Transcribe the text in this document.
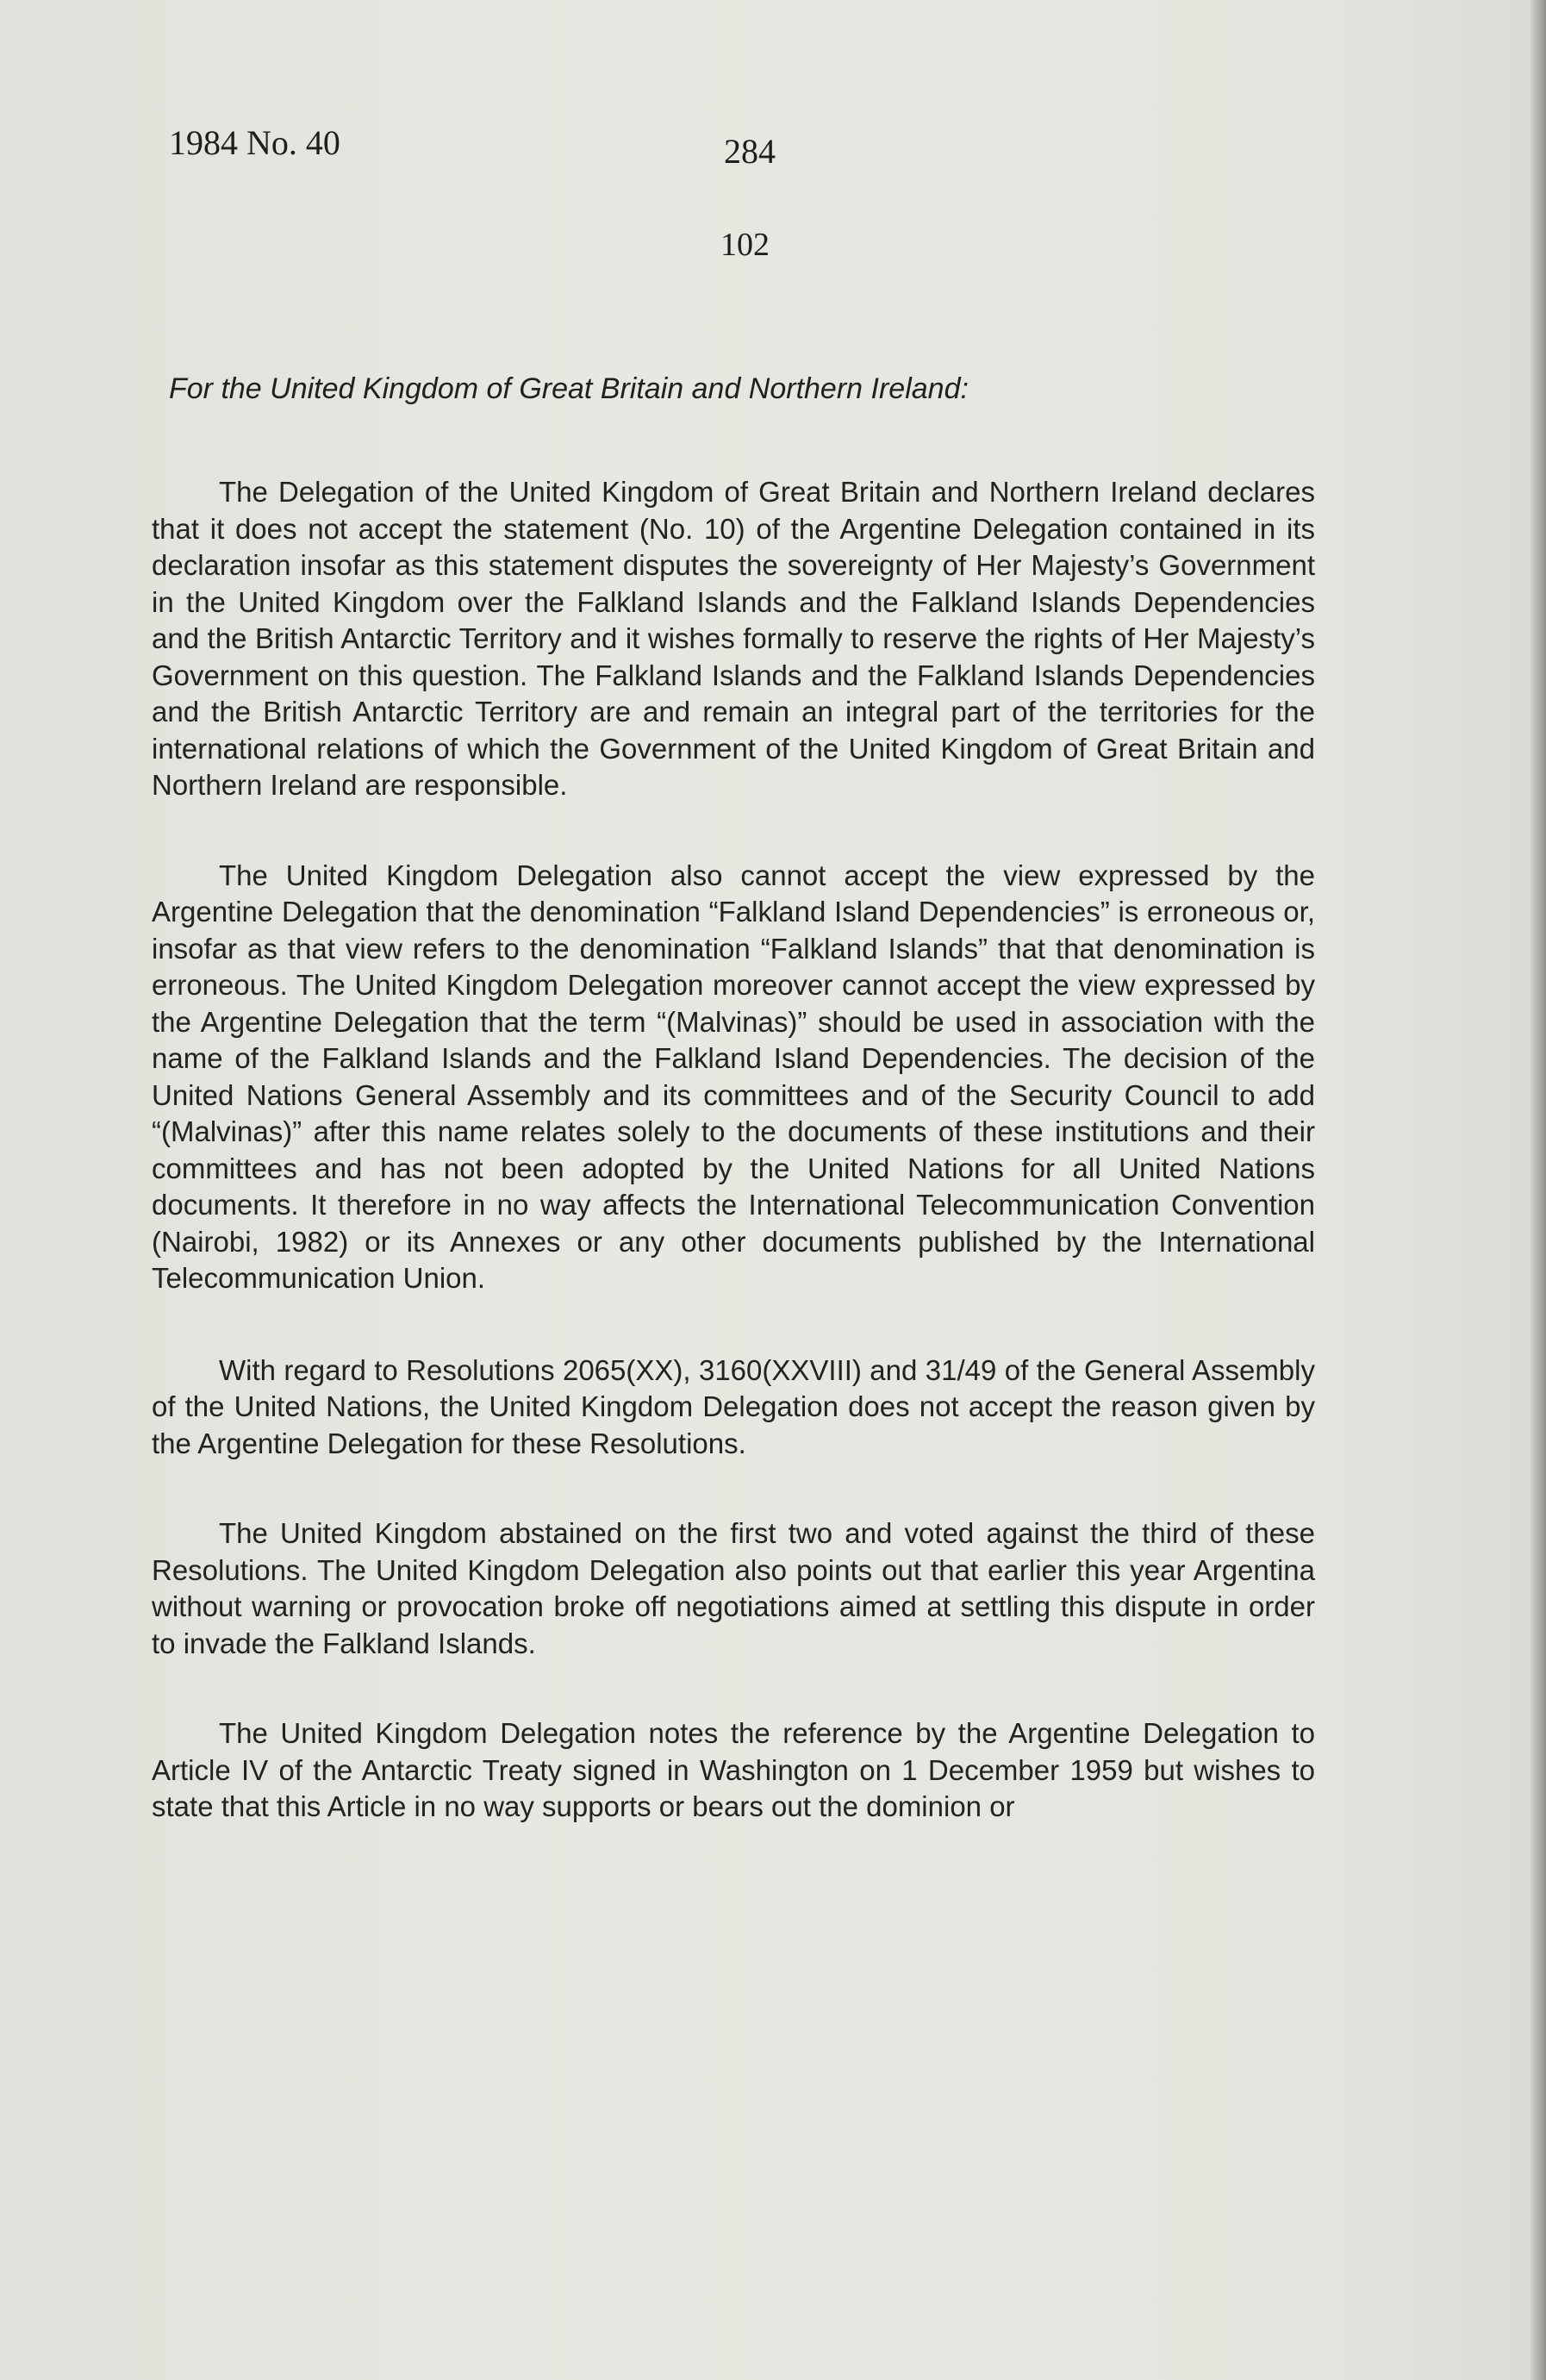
1984 No. 40	284
102
For the United Kingdom of Great Britain and Northern Ireland:

The Delegation of the United Kingdom of Great Britain and Northern Ireland declares that it does not accept the statement (No. 10) of the Argentine Delegation contained in its declaration insofar as this statement disputes the sovereignty of Her Majesty’s Government in the United Kingdom over the Falkland Islands and the Falkland Islands Dependencies and the British Antarctic Territory and it wishes formally to reserve the rights of Her Majesty’s Government on this question. The Falkland Islands and the Falkland Islands Dependencies and the British Antarctic Territory are and remain an integral part of the territories for the international relations of which the Government of the United Kingdom of Great Britain and Northern Ireland are responsible.

The United Kingdom Delegation also cannot accept the view expressed by the Argentine Delegation that the denomination “Falkland Island Dependencies” is erroneous or, insofar as that view refers to the denomination “Falkland Islands” that that denomination is erroneous. The United Kingdom Delegation moreover cannot accept the view expressed by the Argentine Delegation that the term “(Malvinas)” should be used in association with the name of the Falkland Islands and the Falkland Island Dependencies. The decision of the United Nations General Assembly and its committees and of the Security Council to add “(Malvinas)” after this name relates solely to the documents of these institutions and their committees and has not been adopted by the United Nations for all United Nations documents. It therefore in no way affects the International Telecommunication Convention (Nairobi, 1982) or its Annexes or any other documents published by the International Telecommunication Union.

With regard to Resolutions 2065(XX), 3160(XXVIII) and 31/49 of the General Assembly of the United Nations, the United Kingdom Delegation does not accept the reason given by the Argentine Delegation for these Resolutions.

The United Kingdom abstained on the first two and voted against the third of these Resolutions. The United Kingdom Delegation also points out that earlier this year Argentina without warning or provocation broke off negotiations aimed at settling this dispute in order to invade the Falkland Islands.

The United Kingdom Delegation notes the reference by the Argentine Delegation to Article IV of the Antarctic Treaty signed in Washington on 1 December 1959 but wishes to state that this Article in no way supports or bears out the dominion or
